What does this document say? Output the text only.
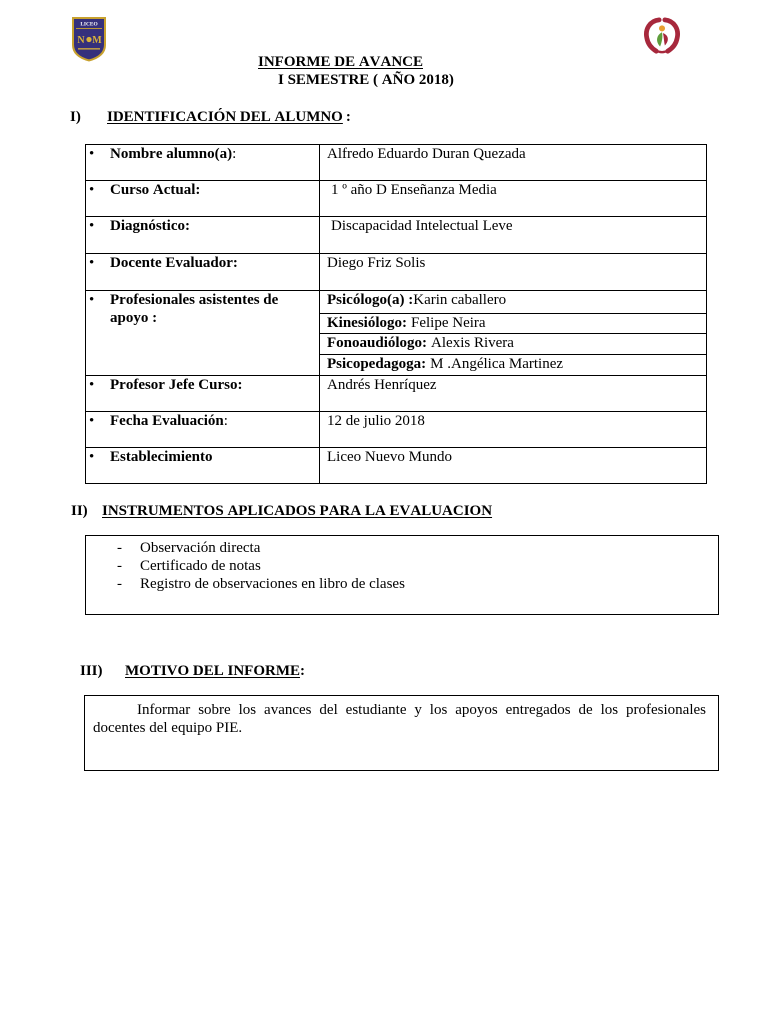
LICEO
N M
INFORME DE AVANCE
I SEMESTRE ( AÑO 2018)
I) IDENTIFICACIÓN DEL ALUMNO :
• Nombre alumno(a):	Alfredo Eduardo Duran Quezada
• Curso Actual:	1 º año D Enseñanza Media
• Diagnóstico:	Discapacidad Intelectual Leve
• Docente Evaluador:	Diego Friz Solis
• Profesionales asistentes de apoyo :
Psicólogo(a) :Karin caballero
Kinesiólogo: Felipe Neira
Fonoaudiólogo: Alexis Rivera
Psicopedagoga: M .Angélica Martinez
• Profesor Jefe Curso:	Andrés Henríquez
• Fecha Evaluación:	12 de julio 2018
• Establecimiento	Liceo Nuevo Mundo
II) INSTRUMENTOS APLICADOS PARA LA EVALUACION
- Observación directa
- Certificado de notas
- Registro de observaciones en libro de clases
III) MOTIVO DEL INFORME:

Informar sobre los avances del estudiante y los apoyos entregados de los profesionales docentes del equipo PIE.
